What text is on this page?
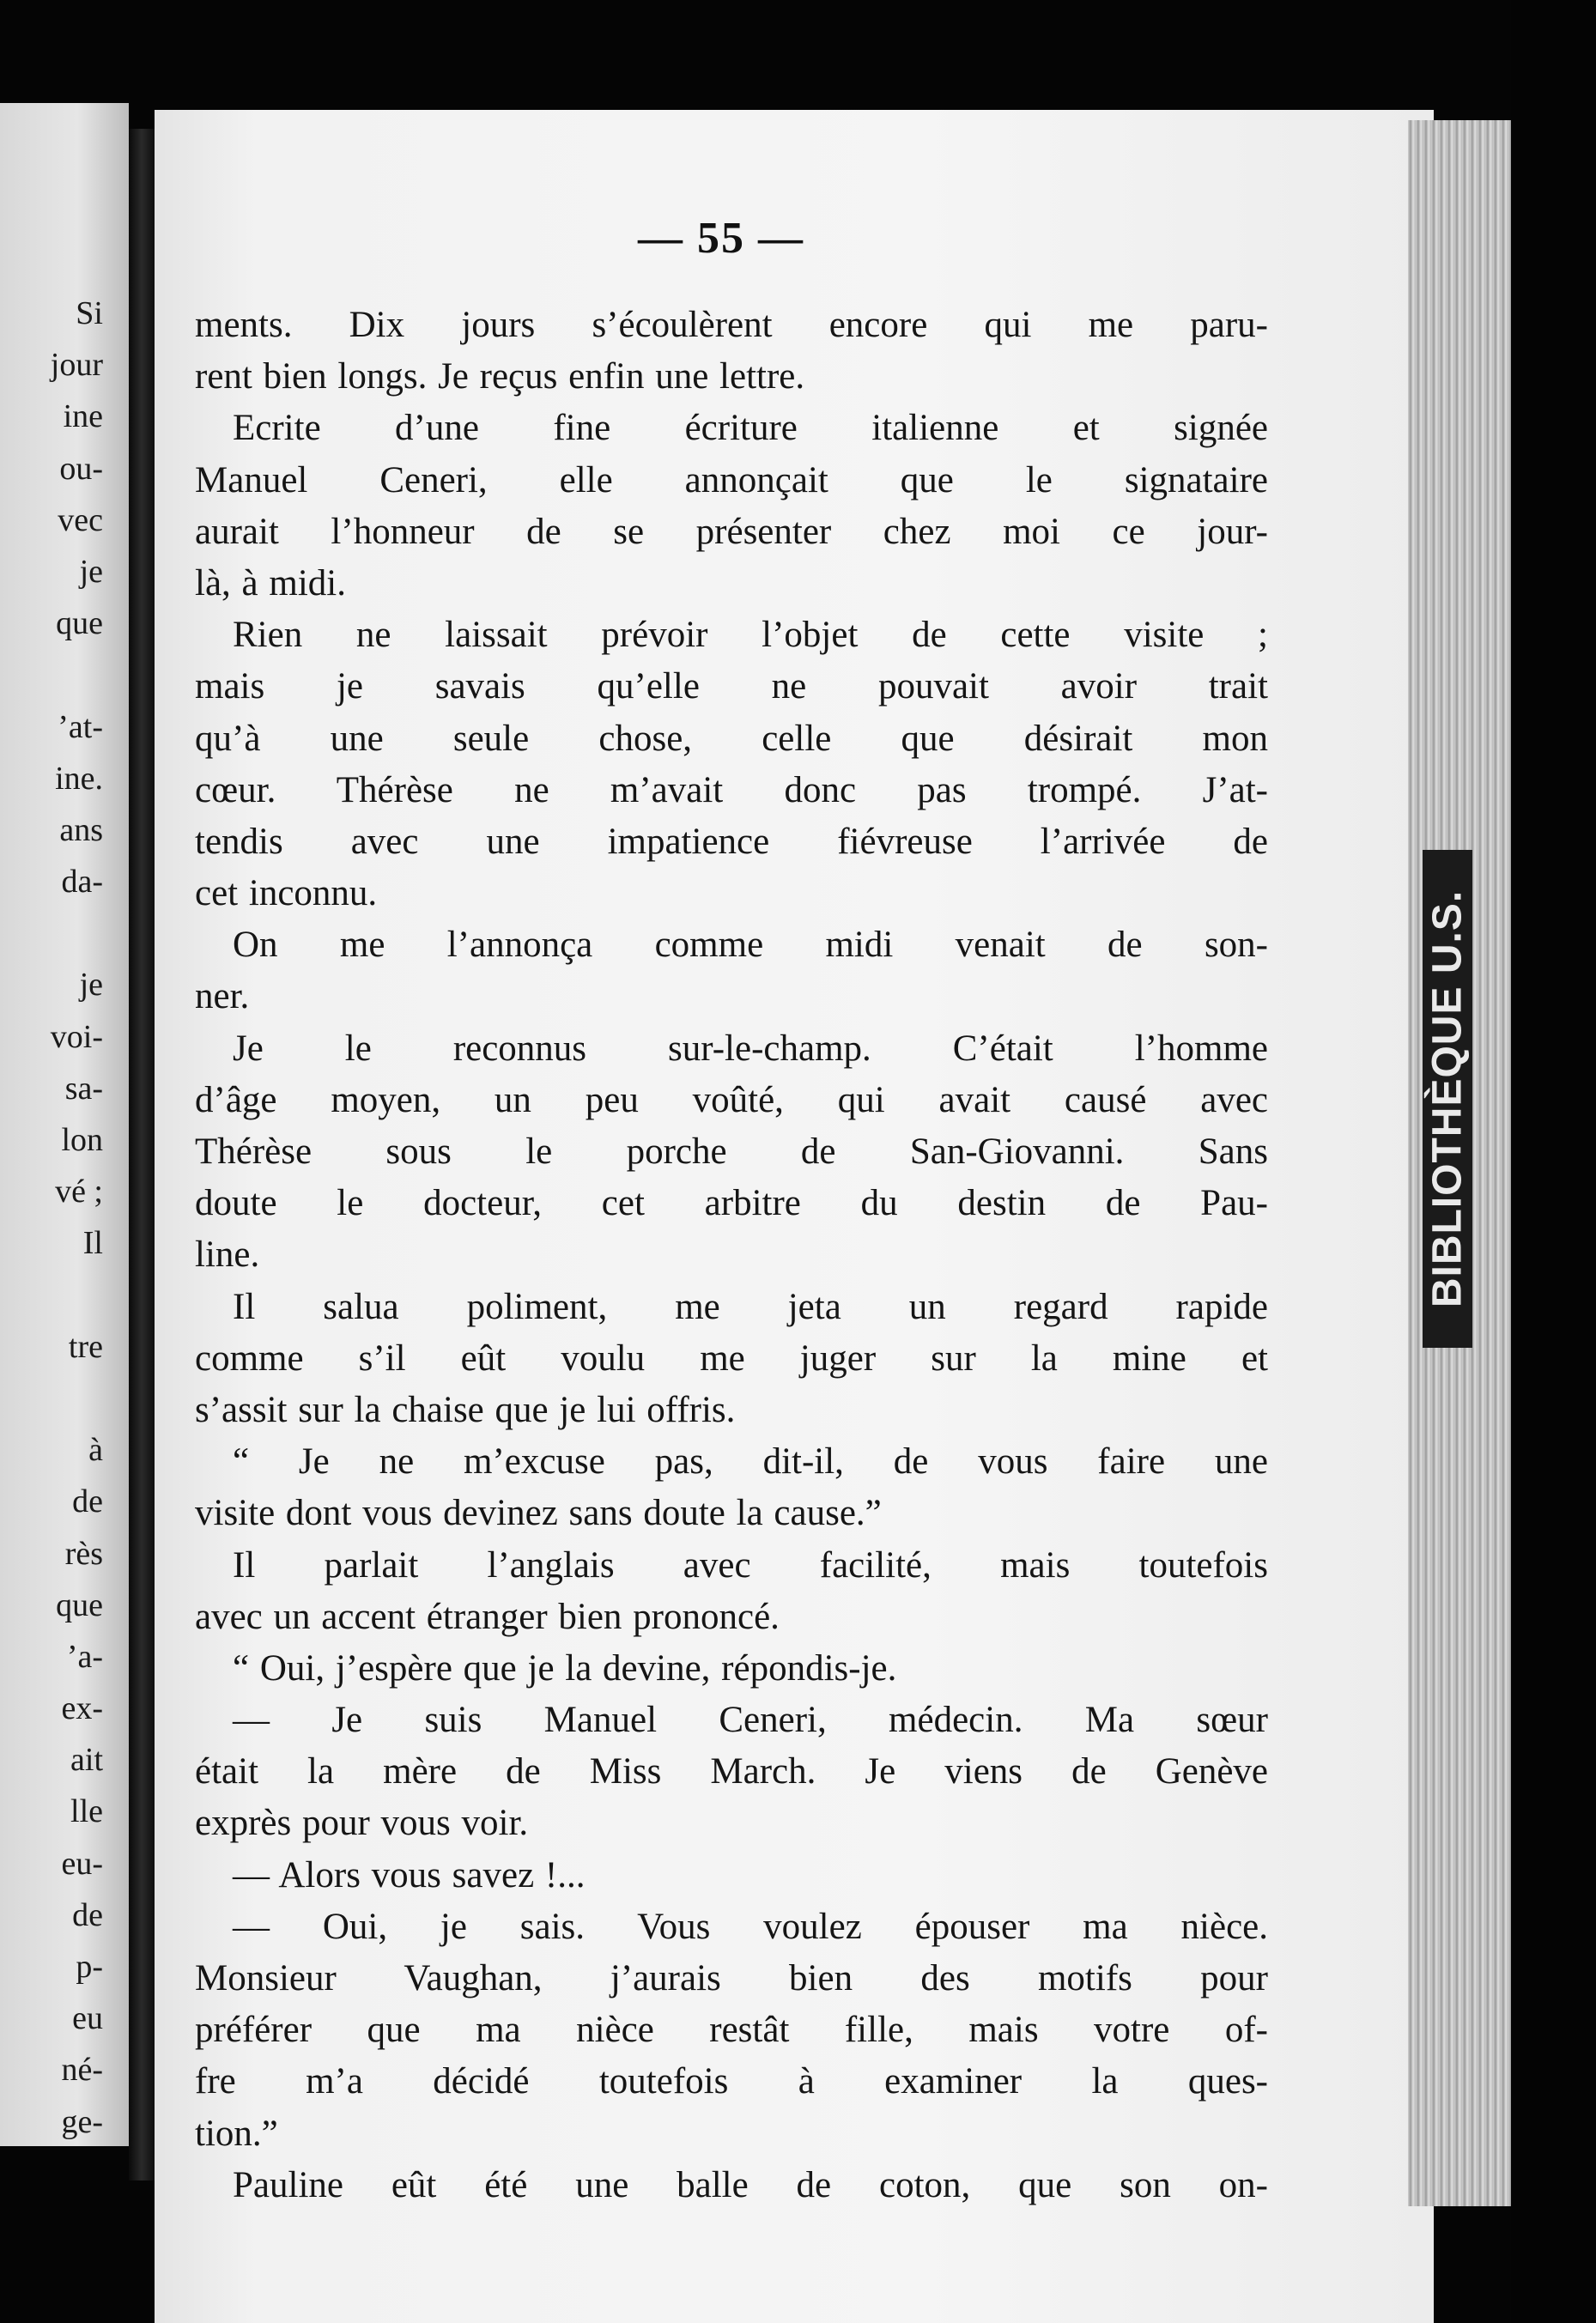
Si
jour
ine
ou-
vec
je
que
’at-
ine.
ans
da-
je
voi-
sa-
lon
vé ;
Il
tre
à
de
rès
que
’a-
ex-
ait
lle
eu-
de
p-
eu
né-
ge-
— 55 —
ments. Dix jours s’écoulèrent encore qui me paru-
rent bien longs. Je reçus enfin une lettre.
Ecrite d’une fine écriture italienne et signée
Manuel Ceneri, elle annonçait que le signataire
aurait l’honneur de se présenter chez moi ce jour-
là, à midi.
Rien ne laissait prévoir l’objet de cette visite ;
mais je savais qu’elle ne pouvait avoir trait
qu’à une seule chose, celle que désirait mon
cœur. Thérèse ne m’avait donc pas trompé. J’at-
tendis avec une impatience fiévreuse l’arrivée de
cet inconnu.
On me l’annonça comme midi venait de son-
ner.
Je le reconnus sur-le-champ. C’était l’homme
d’âge moyen, un peu voûté, qui avait causé avec
Thérèse sous le porche de San-Giovanni. Sans
doute le docteur, cet arbitre du destin de Pau-
line.
Il salua poliment, me jeta un regard rapide
comme s’il eût voulu me juger sur la mine et
s’assit sur la chaise que je lui offris.
“ Je ne m’excuse pas, dit-il, de vous faire une
visite dont vous devinez sans doute la cause.”
Il parlait l’anglais avec facilité, mais toutefois
avec un accent étranger bien prononcé.
“ Oui, j’espère que je la devine, répondis-je.
— Je suis Manuel Ceneri, médecin. Ma sœur
était la mère de Miss March. Je viens de Genève
exprès pour vous voir.
— Alors vous savez !...
— Oui, je sais. Vous voulez épouser ma nièce.
Monsieur Vaughan, j’aurais bien des motifs pour
préférer que ma nièce restât fille, mais votre of-
fre m’a décidé toutefois à examiner la ques-
tion.”
Pauline eût été une balle de coton, que son on-
BIBLIOTHÈQUE U.S.
